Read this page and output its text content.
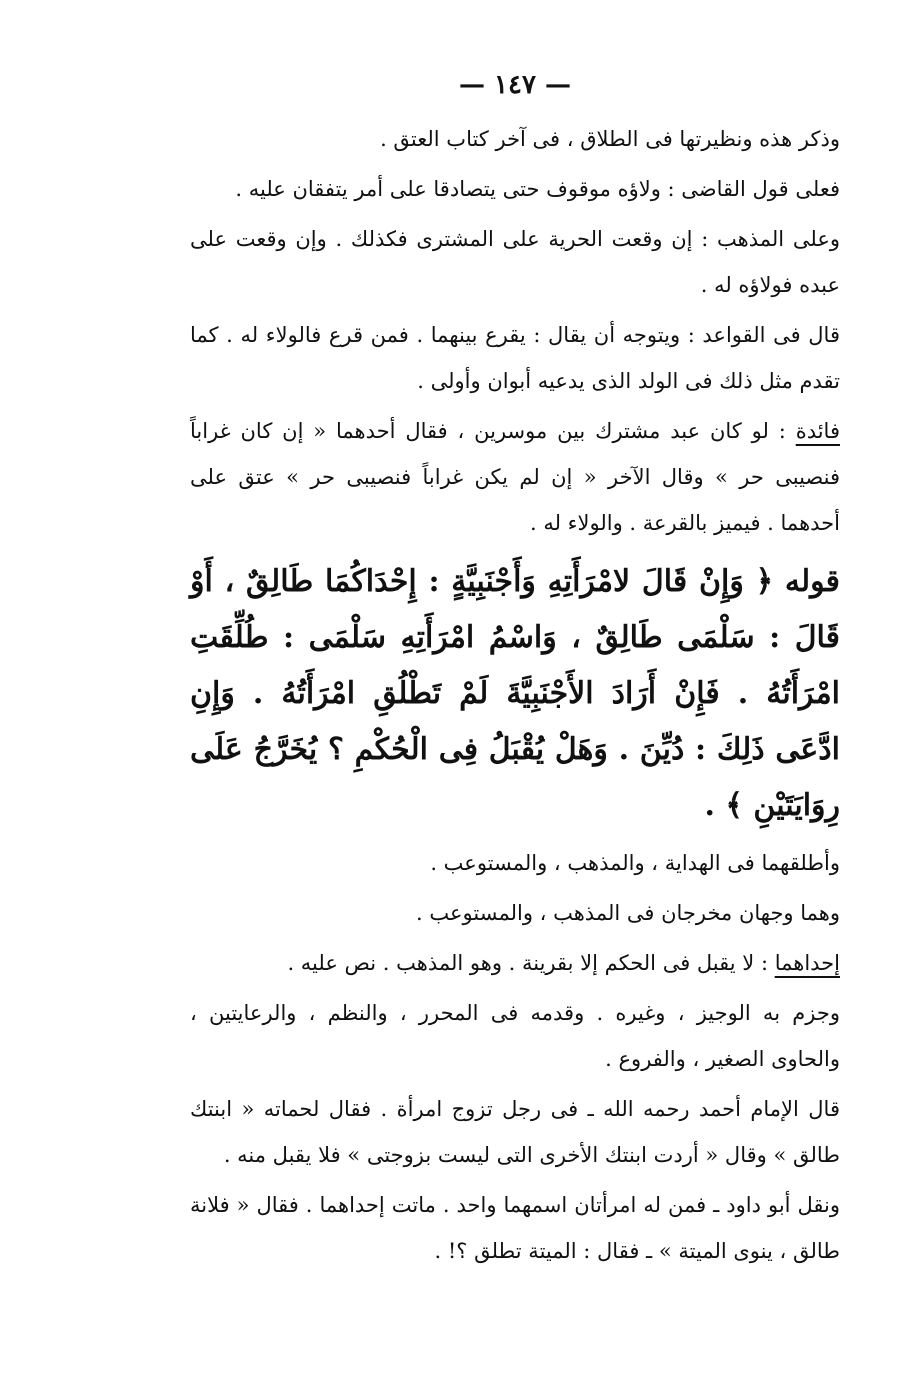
— ١٤٧ —

وذكر هذه ونظيرتها فى الطلاق ، فى آخر كتاب العتق .

فعلى قول القاضى : ولاؤه موقوف حتى يتصادقا على أمر يتفقان عليه .

وعلى المذهب : إن وقعت الحرية على المشترى فكذلك . وإن وقعت على عبده فولاؤه له .

قال فى القواعد : ويتوجه أن يقال : يقرع بينهما . فمن قرع فالولاء له . كما تقدم مثل ذلك فى الولد الذى يدعيه أبوان وأولى .

فائدة : لو كان عبد مشترك بين موسرين ، فقال أحدهما « إن كان غراباً فنصيبى حر » وقال الآخر « إن لم يكن غراباً فنصيبى حر » عتق على أحدهما . فيميز بالقرعة . والولاء له .

قوله ﴿ وَإِنْ قَالَ لامْرَأَتِهِ وَأَجْنَبِيَّةٍ : إِحْدَاكُمَا طَالِقٌ ، أَوْ قَالَ : سَلْمَى طَالِقٌ ، وَاسْمُ امْرَأَتِهِ سَلْمَى : طُلِّقَتِ امْرَأَتُهُ . فَإِنْ أَرَادَ الأَجْنَبِيَّةَ لَمْ تَطْلُقِ امْرَأَتُهُ . وَإِنِ ادَّعَى ذَلِكَ : دُيِّنَ . وَهَلْ يُقْبَلُ فِى الْحُكْمِ ؟ يُخَرَّجُ عَلَى رِوَايَتَيْنِ ﴾ .

وأطلقهما فى الهداية ، والمذهب ، والمستوعب .

وهما وجهان مخرجان فى المذهب ، والمستوعب .

إحداهما : لا يقبل فى الحكم إلا بقرينة . وهو المذهب . نص عليه .

وجزم به الوجيز ، وغيره . وقدمه فى المحرر ، والنظم ، والرعايتين ، والحاوى الصغير ، والفروع .

قال الإمام أحمد رحمه الله ـ فى رجل تزوج امرأة . فقال لحماته « ابنتك طالق » وقال « أردت ابنتك الأخرى التى ليست بزوجتى » فلا يقبل منه .

ونقل أبو داود ـ فمن له امرأتان اسمهما واحد . ماتت إحداهما . فقال « فلانة طالق ، ينوى الميتة » ـ فقال : الميتة تطلق ؟! .
